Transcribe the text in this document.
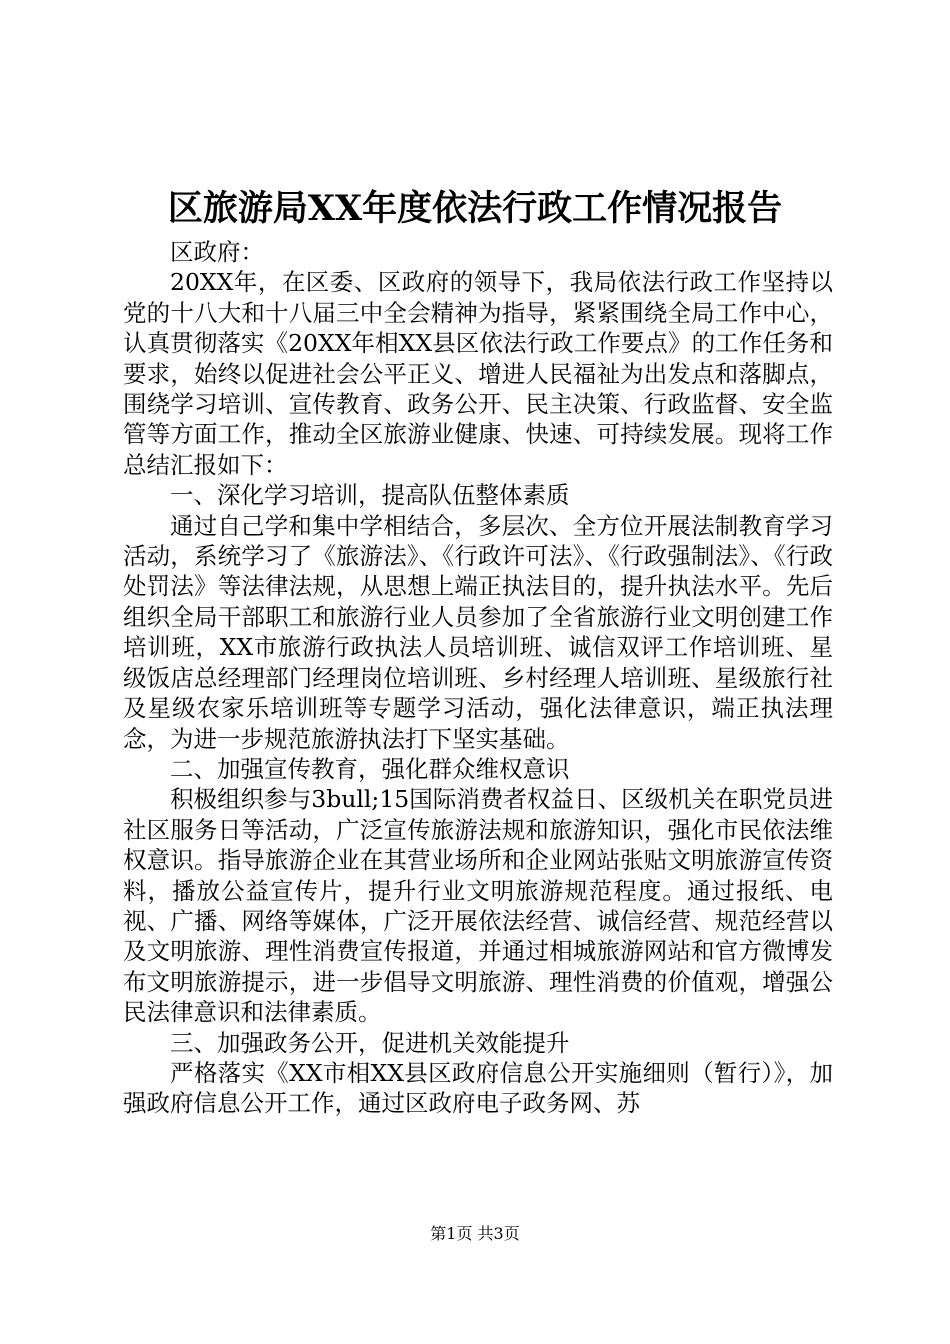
区旅游局XX年度依法行政工作情况报告

区政府：

20XX年，在区委、区政府的领导下，我局依法行政工作坚持以党的十八大和十八届三中全会精神为指导，紧紧围绕全局工作中心，认真贯彻落实《20XX年相XX县区依法行政工作要点》的工作任务和要求，始终以促进社会公平正义、增进人民福祉为出发点和落脚点，围绕学习培训、宣传教育、政务公开、民主决策、行政监督、安全监管等方面工作，推动全区旅游业健康、快速、可持续发展。现将工作总结汇报如下：

一、深化学习培训，提高队伍整体素质

通过自己学和集中学相结合，多层次、全方位开展法制教育学习活动，系统学习了《旅游法》、《行政许可法》、《行政强制法》、《行政处罚法》等法律法规，从思想上端正执法目的，提升执法水平。先后组织全局干部职工和旅游行业人员参加了全省旅游行业文明创建工作培训班，XX市旅游行政执法人员培训班、诚信双评工作培训班、星级饭店总经理部门经理岗位培训班、乡村经理人培训班、星级旅行社及星级农家乐培训班等专题学习活动，强化法律意识，端正执法理念，为进一步规范旅游执法打下坚实基础。

二、加强宣传教育，强化群众维权意识

积极组织参与3bull;15国际消费者权益日、区级机关在职党员进社区服务日等活动，广泛宣传旅游法规和旅游知识，强化市民依法维权意识。指导旅游企业在其营业场所和企业网站张贴文明旅游宣传资料，播放公益宣传片，提升行业文明旅游规范程度。通过报纸、电视、广播、网络等媒体，广泛开展依法经营、诚信经营、规范经营以及文明旅游、理性消费宣传报道，并通过相城旅游网站和官方微博发布文明旅游提示，进一步倡导文明旅游、理性消费的价值观，增强公民法律意识和法律素质。

三、加强政务公开，促进机关效能提升

严格落实《XX市相XX县区政府信息公开实施细则（暂行）》，加强政府信息公开工作，通过区政府电子政务网、苏

第1页 共3页
